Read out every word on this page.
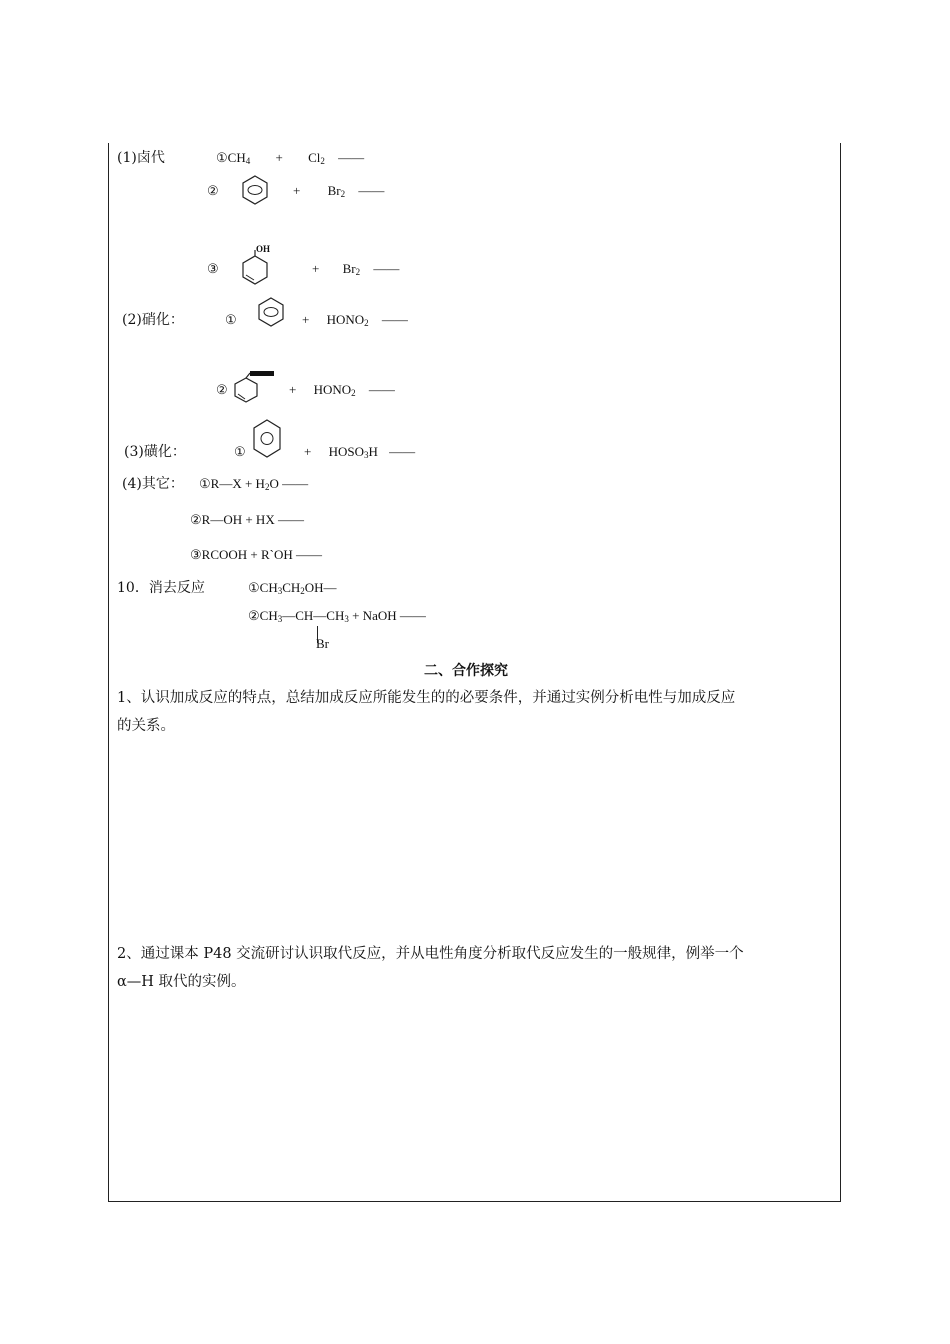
(1)卤代	$①CH_4 + Cl_2$ ——
②	+ $Br_2$ ——
③
OH
+ $Br_2$ ——
(2)硝化：	①	+ $HONO_2$ ——
②	+ $HONO_2$ ——
(3)磺化：	①	+ $HOSO_3H$ ——
(4)其它： ①R—X + $H_2O$ ——
②R—OH + HX ——
③RCOOH + R`OH ——
10．消去反应	$①CH_3CH_2OH—$
$②CH_3—CH—CH_3$ + NaOH ——
Br
二、合作探究
1、认识加成反应的特点，总结加成反应所能发生的的必要条件，并通过实例分析电性与加成反应
的关系。
2、通过课本 P48 交流研讨认识取代反应，并从电性角度分析取代反应发生的一般规律，例举一个
α—H 取代的实例。
